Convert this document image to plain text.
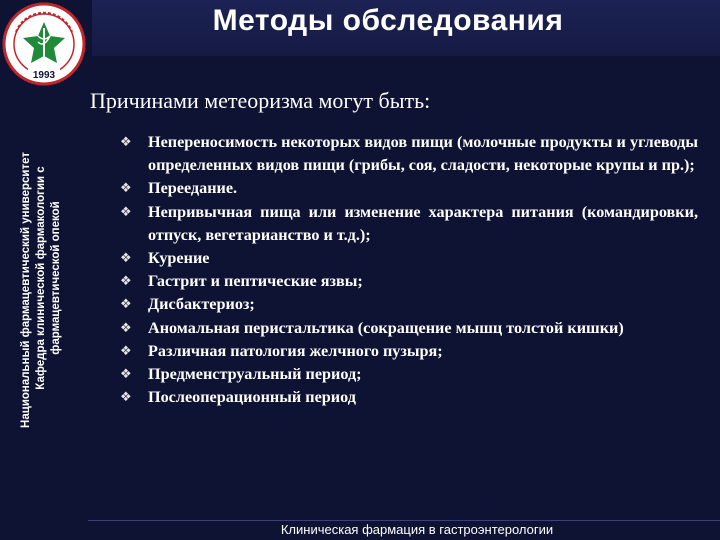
1993
Методы обследования
Национальный фармацевтический университет Кафедра клинической фармакологии с фармацевтической опекой
Причинами метеоризма могут быть:
❖	Непереносимость некоторых видов пищи (молочные продукты и углеводы определенных видов пищи (грибы, соя, сладости, некоторые крупы и пр.);
❖	Переедание.
❖	Непривычная пища или изменение характера питания (командировки, отпуск, вегетарианство и т.д.);
❖	Курение
❖	Гастрит и пептические язвы;
❖	Дисбактериоз;
❖	Аномальная перистальтика (сокращение мышц толстой кишки)
❖	Различная патология желчного пузыря;
❖	Предменструальный период;
❖	Послеоперационный период
Клиническая фармация в гастроэнтерологии
